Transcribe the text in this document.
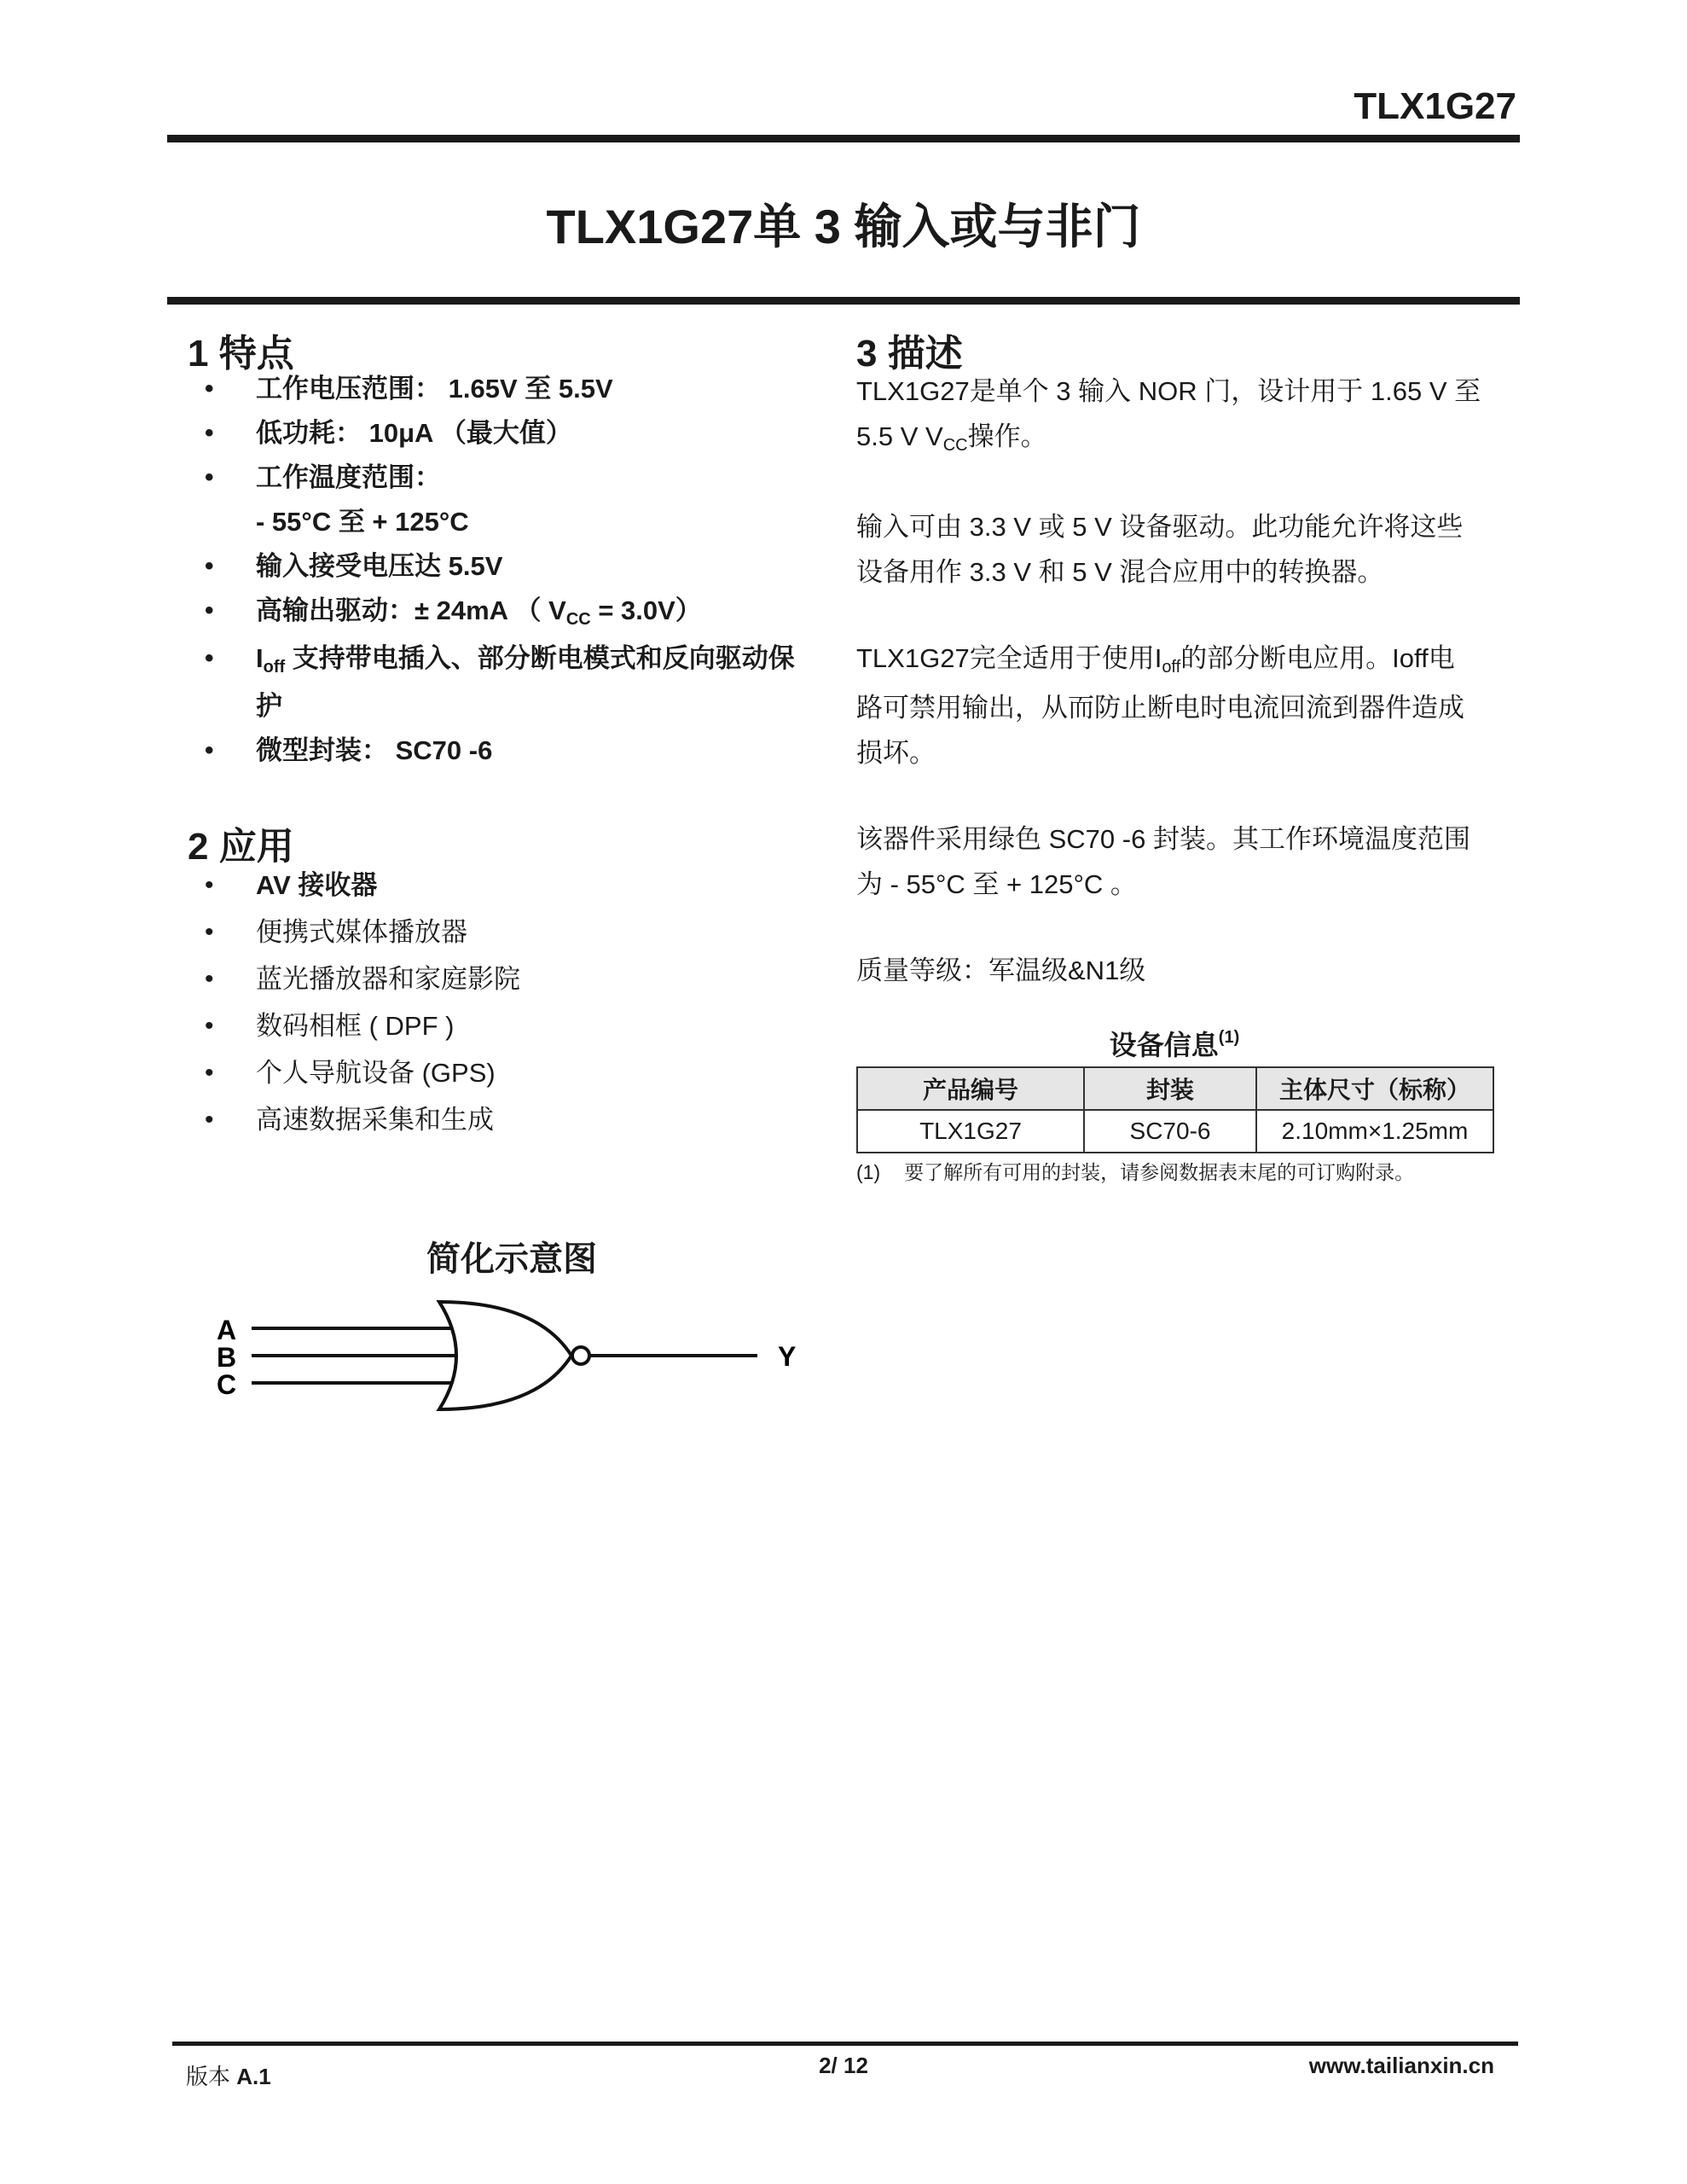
TLX1G27
TLX1G27单 3 输入或与非门
1 特点
• 工作电压范围： 1.65V 至 5.5V
• 低功耗： 10μA （最大值）
• 工作温度范围：
- 55°C 至 + 125°C
• 输入接受电压达 5.5V
• 高输出驱动：± 24mA （ VCC = 3.0V）
• Ioff 支持带电插入、部分断电模式和反向驱动保
护
• 微型封装： SC70 -6
2 应用
• AV 接收器
• 便携式媒体播放器
• 蓝光播放器和家庭影院
• 数码相框 ( DPF )
• 个人导航设备 (GPS)
• 高速数据采集和生成
简化示意图
A
B
C
Y
3 描述

TLX1G27是单个 3 输入 NOR 门，设计用于 1.65 V 至
5.5 V VCC操作。

输入可由 3.3 V 或 5 V 设备驱动。此功能允许将这些
设备用作 3.3 V 和 5 V 混合应用中的转换器。

TLX1G27完全适用于使用Ioff的部分断电应用。Ioff电
路可禁用输出，从而防止断电时电流回流到器件造成
损坏。

该器件采用绿色 SC70 -6 封装。其工作环境温度范围
为 - 55°C 至 + 125°C 。

质量等级：军温级&N1级

设备信息$^{(1)}$
产品编号	封装	主体尺寸（标称）
TLX1G27	SC70-6	2.10mm×1.25mm
(1) 要了解所有可用的封装，请参阅数据表末尾的可订购附录。
版本 A.1	2/ 12	www.tailianxin.cn
